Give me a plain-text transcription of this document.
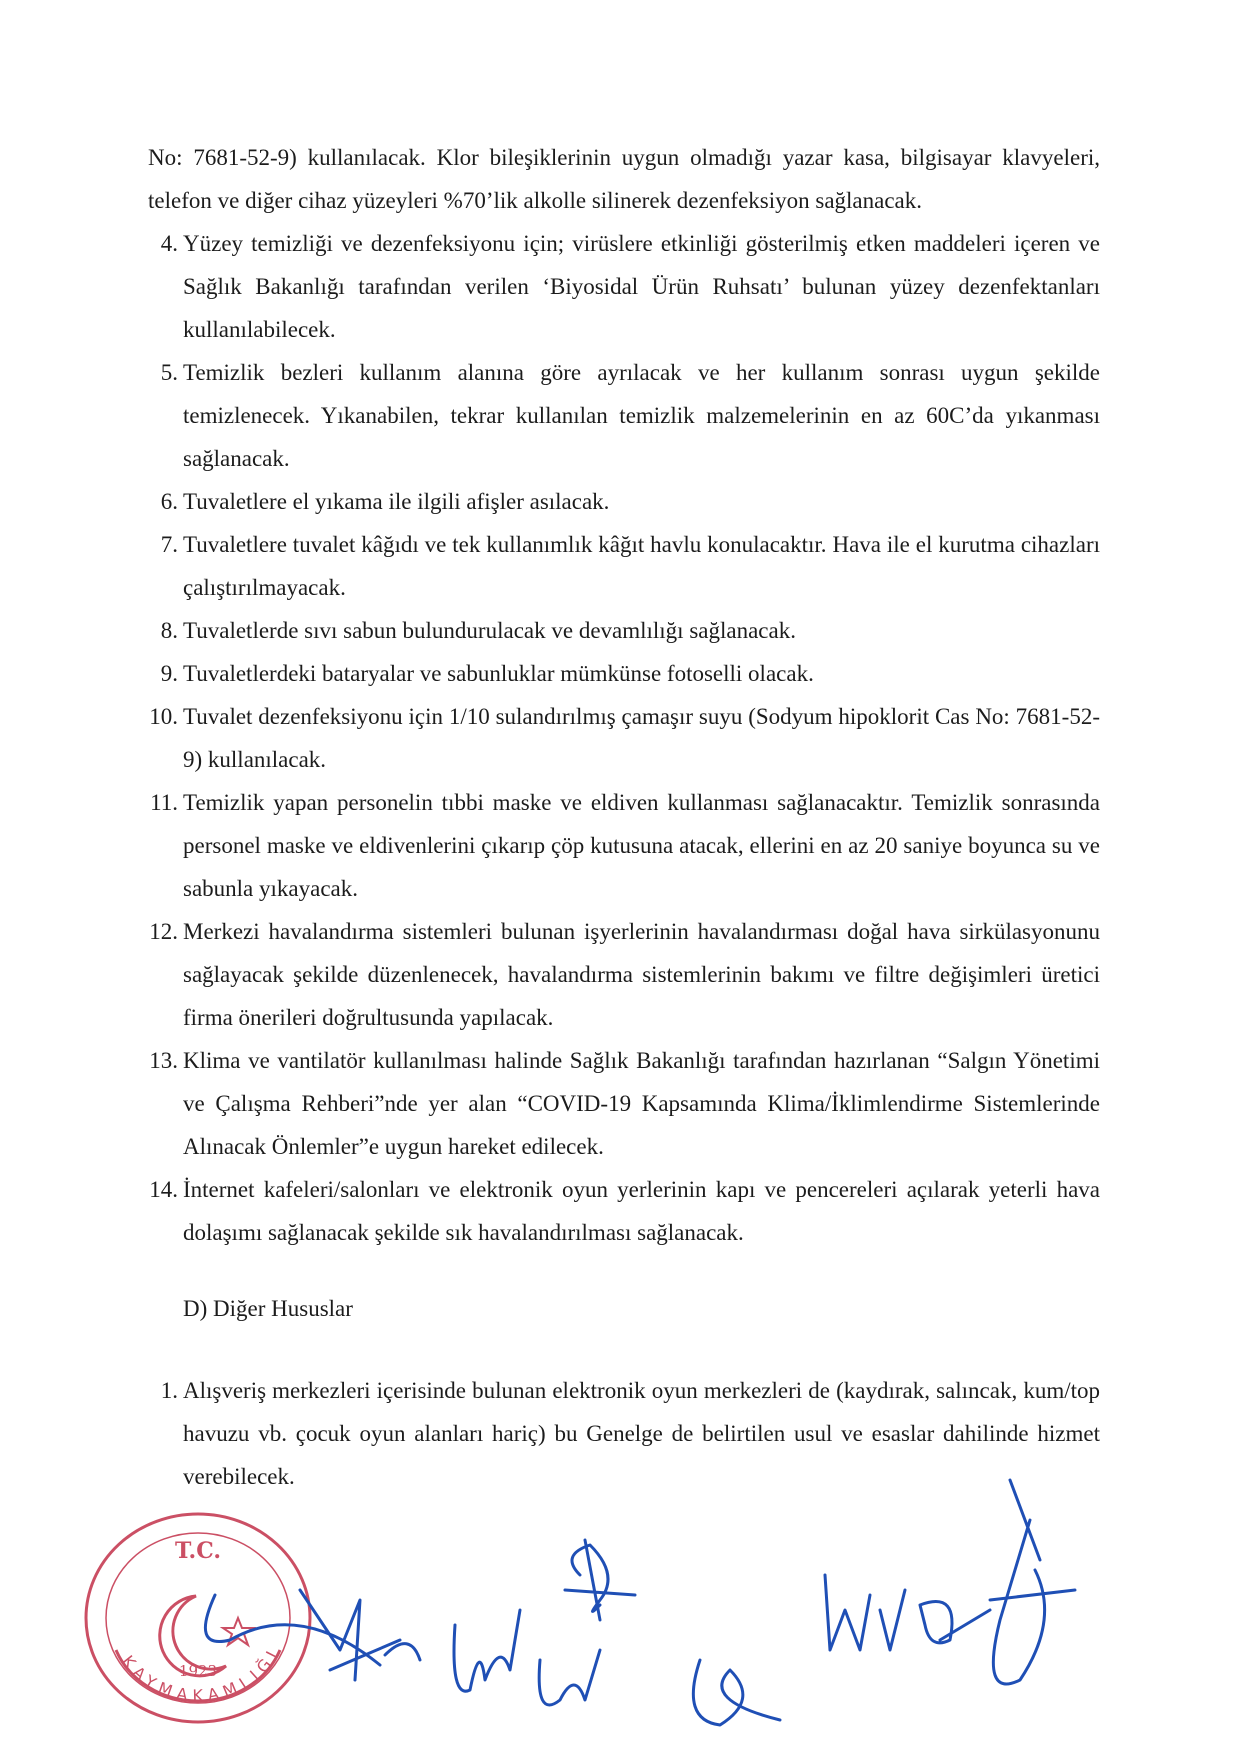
No: 7681-52-9) kullanılacak. Klor bileşiklerinin uygun olmadığı yazar kasa, bilgisayar klavyeleri, telefon ve diğer cihaz yüzeyleri %70’lik alkolle silinerek dezenfeksiyon sağlanacak.
4. Yüzey temizliği ve dezenfeksiyonu için; virüslere etkinliği gösterilmiş etken maddeleri içeren ve Sağlık Bakanlığı tarafından verilen ‘Biyosidal Ürün Ruhsatı’ bulunan yüzey dezenfektanları kullanılabilecek.
5. Temizlik bezleri kullanım alanına göre ayrılacak ve her kullanım sonrası uygun şekilde temizlenecek. Yıkanabilen, tekrar kullanılan temizlik malzemelerinin en az 60C’da yıkanması sağlanacak.
6. Tuvaletlere el yıkama ile ilgili afişler asılacak.
7. Tuvaletlere tuvalet kâğıdı ve tek kullanımlık kâğıt havlu konulacaktır. Hava ile el kurutma cihazları çalıştırılmayacak.
8. Tuvaletlerde sıvı sabun bulundurulacak ve devamlılığı sağlanacak.
9. Tuvaletlerdeki bataryalar ve sabunluklar mümkünse fotoselli olacak.
10. Tuvalet dezenfeksiyonu için 1/10 sulandırılmış çamaşır suyu (Sodyum hipoklorit Cas No: 7681-52-9) kullanılacak.
11. Temizlik yapan personelin tıbbi maske ve eldiven kullanması sağlanacaktır. Temizlik sonrasında personel maske ve eldivenlerini çıkarıp çöp kutusuna atacak, ellerini en az 20 saniye boyunca su ve sabunla yıkayacak.
12. Merkezi havalandırma sistemleri bulunan işyerlerinin havalandırması doğal hava sirkülasyonunu sağlayacak şekilde düzenlenecek, havalandırma sistemlerinin bakımı ve filtre değişimleri üretici firma önerileri doğrultusunda yapılacak.
13. Klima ve vantilatör kullanılması halinde Sağlık Bakanlığı tarafından hazırlanan “Salgın Yönetimi ve Çalışma Rehberi”nde yer alan “COVID-19 Kapsamında Klima/İklimlendirme Sistemlerinde Alınacak Önlemler”e uygun hareket edilecek.
14. İnternet kafeleri/salonları ve elektronik oyun yerlerinin kapı ve pencereleri açılarak yeterli hava dolaşımı sağlanacak şekilde sık havalandırılması sağlanacak.
D) Diğer Hususlar
1. Alışveriş merkezleri içerisinde bulunan elektronik oyun merkezleri de (kaydırak, salıncak, kum/top havuzu vb. çocuk oyun alanları hariç) bu Genelge de belirtilen usul ve esaslar dahilinde hizmet verebilecek.
T.C.
1923
KAYMAKAMLIĞI
